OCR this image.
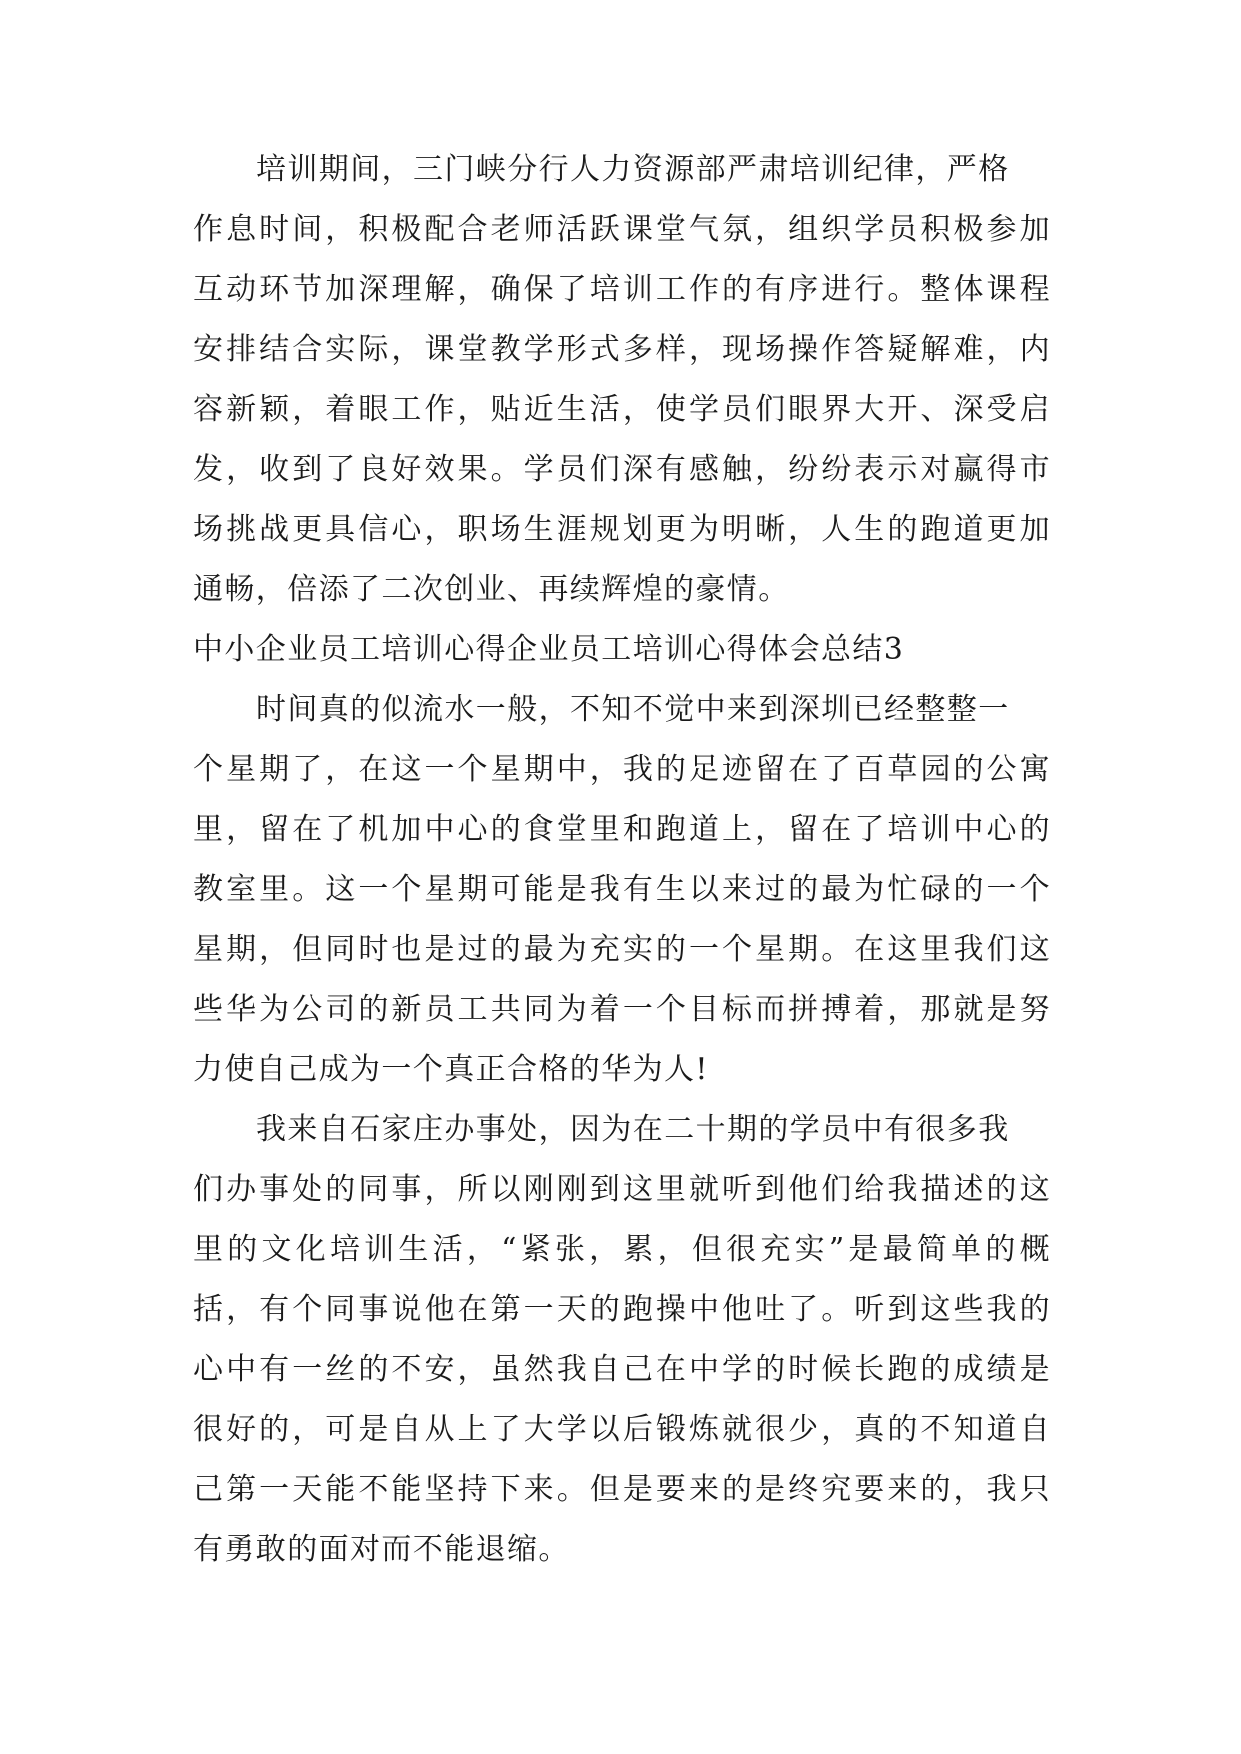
培训期间，三门峡分行人力资源部严肃培训纪律，严格
作息时间，积极配合老师活跃课堂气氛，组织学员积极参加
互动环节加深理解，确保了培训工作的有序进行。整体课程
安排结合实际，课堂教学形式多样，现场操作答疑解难，内
容新颖，着眼工作，贴近生活，使学员们眼界大开、深受启
发，收到了良好效果。学员们深有感触，纷纷表示对赢得市
场挑战更具信心，职场生涯规划更为明晰，人生的跑道更加
通畅，倍添了二次创业、再续辉煌的豪情。
中小企业员工培训心得企业员工培训心得体会总结3
时间真的似流水一般，不知不觉中来到深圳已经整整一
个星期了，在这一个星期中，我的足迹留在了百草园的公寓
里，留在了机加中心的食堂里和跑道上，留在了培训中心的
教室里。这一个星期可能是我有生以来过的最为忙碌的一个
星期，但同时也是过的最为充实的一个星期。在这里我们这
些华为公司的新员工共同为着一个目标而拼搏着，那就是努
力使自己成为一个真正合格的华为人!
我来自石家庄办事处，因为在二十期的学员中有很多我
们办事处的同事，所以刚刚到这里就听到他们给我描述的这
里的文化培训生活，“紧张，累，但很充实”是最简单的概
括，有个同事说他在第一天的跑操中他吐了。听到这些我的
心中有一丝的不安，虽然我自己在中学的时候长跑的成绩是
很好的，可是自从上了大学以后锻炼就很少，真的不知道自
己第一天能不能坚持下来。但是要来的是终究要来的，我只
有勇敢的面对而不能退缩。
